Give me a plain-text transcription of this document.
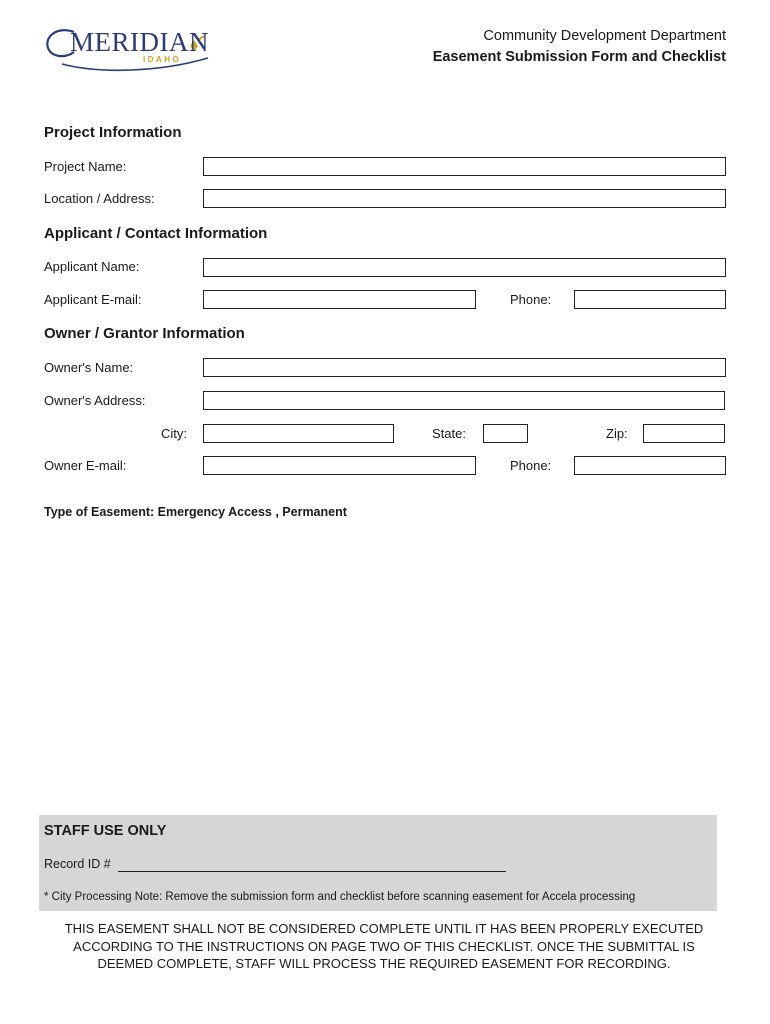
MERIDIAN
IDAHO
Community Development Department
Easement Submission Form and Checklist
Project Information
Project Name:
Location / Address:
Applicant / Contact Information
Applicant Name:
Applicant E-mail:	Phone:
Owner / Grantor Information
Owner's Name:
Owner's Address:
City:	State:	Zip:
Owner E-mail:	Phone:
Type of Easement: Emergency Access , Permanent
STAFF USE ONLY
Record ID #
* City Processing Note: Remove the submission form and checklist before scanning easement for Accela processing
THIS EASEMENT SHALL NOT BE CONSIDERED COMPLETE UNTIL IT HAS BEEN PROPERLY EXECUTED
ACCORDING TO THE INSTRUCTIONS ON PAGE TWO OF THIS CHECKLIST. ONCE THE SUBMITTAL IS
DEEMED COMPLETE, STAFF WILL PROCESS THE REQUIRED EASEMENT FOR RECORDING.
